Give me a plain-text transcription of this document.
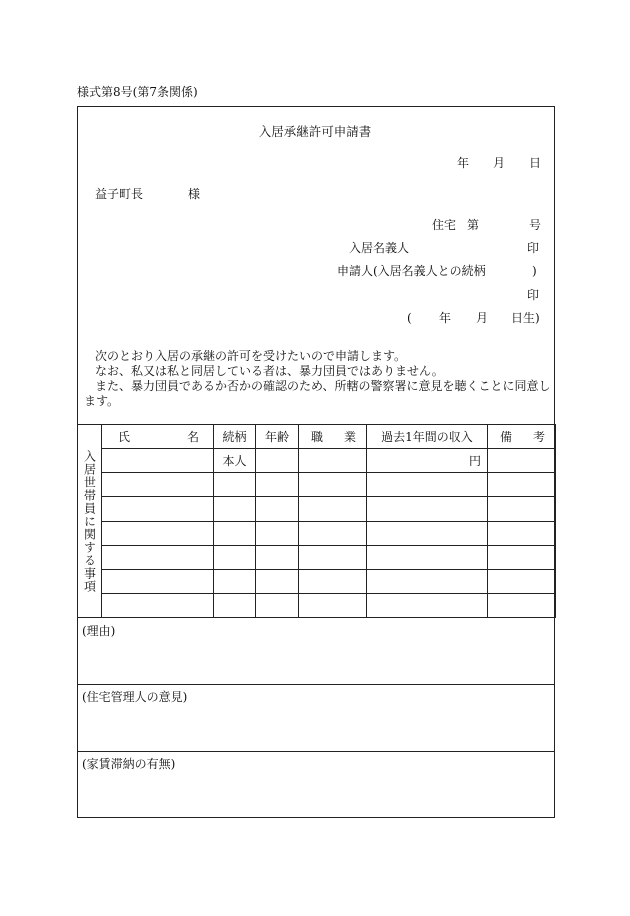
様式第8号(第7条関係)
入居承継許可申請書
年 月 日
益子町長	様
住宅 第	号
入居名義人	印
申請人(入居名義人との続柄	)
印
( 年 月 日生)
次のとおり入居の承継の許可を受けたいので申請します。
なお、私又は私と同居している者は、暴力団員ではありません。
また、暴力団員であるか否かの確認のため、所轄の警察署に意見を聴くことに同意し
ます。
入居世帯員に関する事項	氏 名	続柄	年齢	職 業	過去1年間の収入	備 考

		本人			円	

(理由)
(住宅管理人の意見)
(家賃滞納の有無)
